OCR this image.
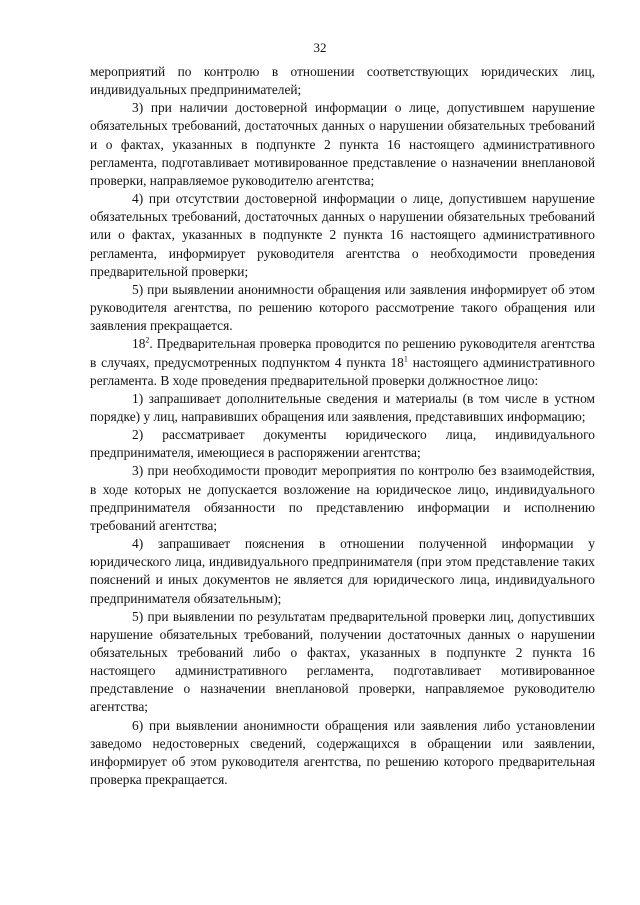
32

мероприятий по контролю в отношении соответствующих юридических лиц, индивидуальных предпринимателей;

3) при наличии достоверной информации о лице, допустившем нарушение обязательных требований, достаточных данных о нарушении обязательных требований и о фактах, указанных в подпункте 2 пункта 16 настоящего административного регламента, подготавливает мотивированное представление о назначении внеплановой проверки, направляемое руководителю агентства;

4) при отсутствии достоверной информации о лице, допустившем нарушение обязательных требований, достаточных данных о нарушении обязательных требований или о фактах, указанных в подпункте 2 пункта 16 настоящего административного регламента, информирует руководителя агентства о необходимости проведения предварительной проверки;

5) при выявлении анонимности обращения или заявления информирует об этом руководителя агентства, по решению которого рассмотрение такого обращения или заявления прекращается.

$18^2$. Предварительная проверка проводится по решению руководителя агентства в случаях, предусмотренных подпунктом 4 пункта $18^1$ настоящего административного регламента. В ходе проведения предварительной проверки должностное лицо:

1) запрашивает дополнительные сведения и материалы (в том числе в устном порядке) у лиц, направивших обращения или заявления, представивших информацию;

2) рассматривает документы юридического лица, индивидуального предпринимателя, имеющиеся в распоряжении агентства;

3) при необходимости проводит мероприятия по контролю без взаимодействия, в ходе которых не допускается возложение на юридическое лицо, индивидуального предпринимателя обязанности по представлению информации и исполнению требований агентства;

4) запрашивает пояснения в отношении полученной информации у юридического лица, индивидуального предпринимателя (при этом представление таких пояснений и иных документов не является для юридического лица, индивидуального предпринимателя обязательным);

5) при выявлении по результатам предварительной проверки лиц, допустивших нарушение обязательных требований, получении достаточных данных о нарушении обязательных требований либо о фактах, указанных в подпункте 2 пункта 16 настоящего административного регламента, подготавливает мотивированное представление о назначении внеплановой проверки, направляемое руководителю агентства;

6) при выявлении анонимности обращения или заявления либо установлении заведомо недостоверных сведений, содержащихся в обращении или заявлении, информирует об этом руководителя агентства, по решению которого предварительная проверка прекращается.
